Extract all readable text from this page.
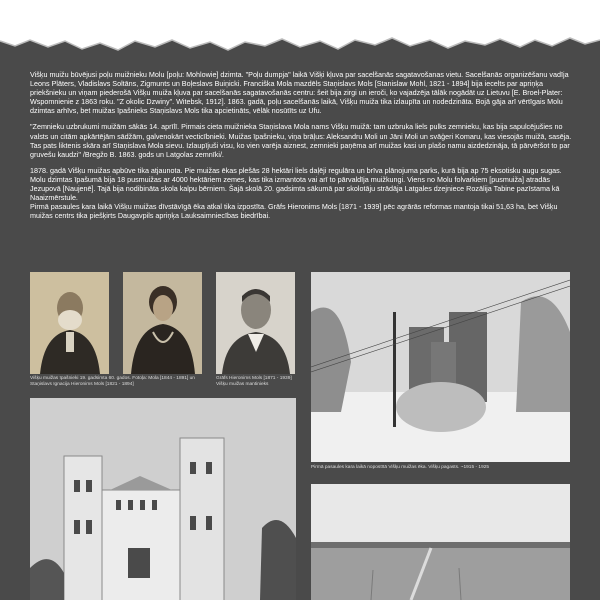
Višķu muižu būvējusi poļu muižnieku Molu [poļu: Mohlowie] dzimta. "Poļu dumpja" laikā Višķi kļuva par sacelšanās sagatavošanas vietu. Sacelšanās organizēšanu vadīja Leons Plāters, Vladislavs Soltāns, Zigmunts un Boļeslavs Buiņicki. Franciška Mola mazdēls Staņislavs Mols [Stanislaw Mohl, 1821 - 1894] bija iecelts par apriņķa priekšnieku un viņam piederošā Višķu muiža kļuva par sacelšanās sagatavošanās centru: šeit bija zirgi un ieroči, ko vajadzēja tālāk nogādāt uz Lietuvu [E. Broel-Plater: Wspomnienie z 1863 roku. "Z okolic Dzwiny". Witebsk, 1912]. 1863. gadā, poļu sacelšanās laikā, Višķu muiža tika izlaupīta un nodedzināta. Bojā gāja arī vērtīgais Molu dzimtas arhīvs, bet muižas īpašnieks Staņislavs Mols tika apcietināts, vēlāk nosūtīts uz Ufu.

"Zemnieku uzbrukumi muižām sākās 14. aprīlī. Pirmais cieta muižnieka Staņislava Mola nams Višķu muižā: tam uzbruka liels pulks zemnieku, kas bija sapulcējušies no valsts un citām apkārtējām sādžām, galvenokārt vecticībnieki. Muižas īpašnieku, viņa brāļus: Aleksandru Moli un Jāni Moli un svāģeri Komaru, kas viesojās muižā, sasēja. Tas pats liktenis skāra arī Staņislava Mola sievu. Izlaupījuši visu, ko vien varēja aiznest, zemnieki paņēma arī muižas kasi un plašo namu aizdedzināja, tā pārvēršot to par gruvešu kaudzi" /Bregžo B. 1863. gods un Latgolas zemnīki/.

1878. gadā Višķu muižas apbūve tika atjaunota. Pie muižas ēkas plešās 28 hektāri liels daļēji regulāra un brīva plānojuma parks, kurā bija ap 75 eksotisku augu sugas. Molu dzimtas īpašumā bija 18 pusmuižas ar 4000 hektāriem zemes, kas tika izmantota vai arī to pārvaldīja muižkungi. Viens no Molu folvarkiem [pusmuiža] atradās Jezupovā [Naujenē]. Tajā bija nodibināta skola kalpu bērniem. Šajā skolā 20. gadsimta sākumā par skolotāju strādāja Latgales dzejniece Rozālija Tabine pazīstama kā Naaizmērstule.

Pirmā pasaules kara laikā Višķu muižas dīvstāvīgā ēka atkal tika izpostīta. Grāfs Hieronims Mols [1871 - 1939] pēc agrārās reformas mantoja tikai 51,63 ha, bet Višķu muižas centrs tika piešķirts Daugavpils apriņķa Lauksaimniecības biedrībai.

Višķu muižas īpašnieki 19. gadsimta 60. gados. Fotoļa: Mola [1844 - 1891] un Staņislavs Ignacija Hieronims Mols [1821 - 1894]
Grāfs Hieronims Mols [1871 - 1939] Višķu muižas mantinieks
Pirmā pasaules kara laikā nopostītā Višķu muižas ēka. Višķu pagasts. ~1915 - 1925
